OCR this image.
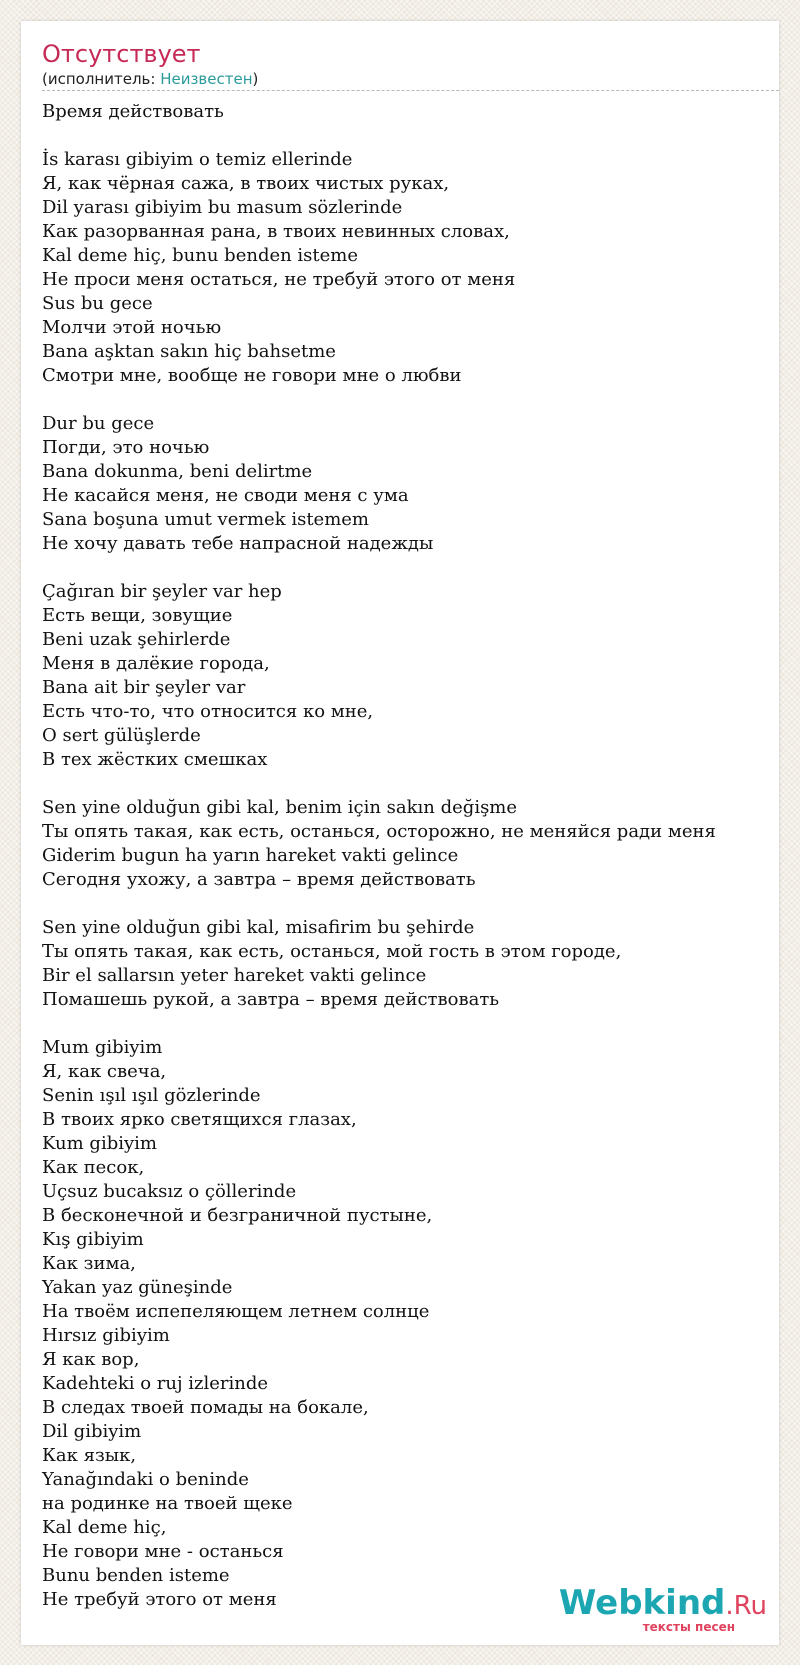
Отсутствует
(исполнитель: Неизвестен)
Время действовать
İs karası gibiyim o temiz ellerinde
Я, как чёрная сажа, в твоих чистых руках,
Dil yarası gibiyim bu masum sözlerinde
Как разорванная рана, в твоих невинных словах,
Kal deme hiç, bunu benden isteme
Не проси меня остаться, не требуй этого от меня
Sus bu gece
Молчи этой ночью
Bana aşktan sakın hiç bahsetme
Смотри мне, вообще не говори мне о любви
Dur bu gece
Погди, это ночью
Bana dokunma, beni delirtme
Не касайся меня, не своди меня с ума
Sana boşuna umut vermek istemem
Не хочу давать тебе напрасной надежды
Çağıran bir şeyler var hep
Есть вещи, зовущие
Beni uzak şehirlerde
Меня в далёкие города,
Bana ait bir şeyler var
Есть что-то, что относится ко мне,
O sert gülüşlerde
В тех жёстких смешках
Sen yine olduğun gibi kal, benim için sakın değişme
Ты опять такая, как есть, останься, осторожно, не меняйся ради меня
Giderim bugun ha yarın hareket vakti gelince
Сегодня ухожу, а завтра – время действовать
Sen yine olduğun gibi kal, misafirim bu şehirde
Ты опять такая, как есть, останься, мой гость в этом городе,
Bir el sallarsın yeter hareket vakti gelince
Помашешь рукой, а завтра – время действовать
Mum gibiyim
Я, как свеча,
Senin ışıl ışıl gözlerinde
В твоих ярко светящихся глазах,
Kum gibiyim
Как песок,
Uçsuz bucaksız o çöllerinde
В бесконечной и безграничной пустыне,
Kış gibiyim
Как зима,
Yakan yaz güneşinde
На твоём испепеляющем летнем солнце
Hırsız gibiyim
Я как вор,
Kadehteki o ruj izlerinde
В следах твоей помады на бокале,
Dil gibiyim
Как язык,
Yanağındaki o beninde
на родинке на твоей щеке
Kal deme hiç,
Не говори мне - останься
Bunu benden isteme
Не требуй этого от меня	Webkind.Ru
тексты песен
